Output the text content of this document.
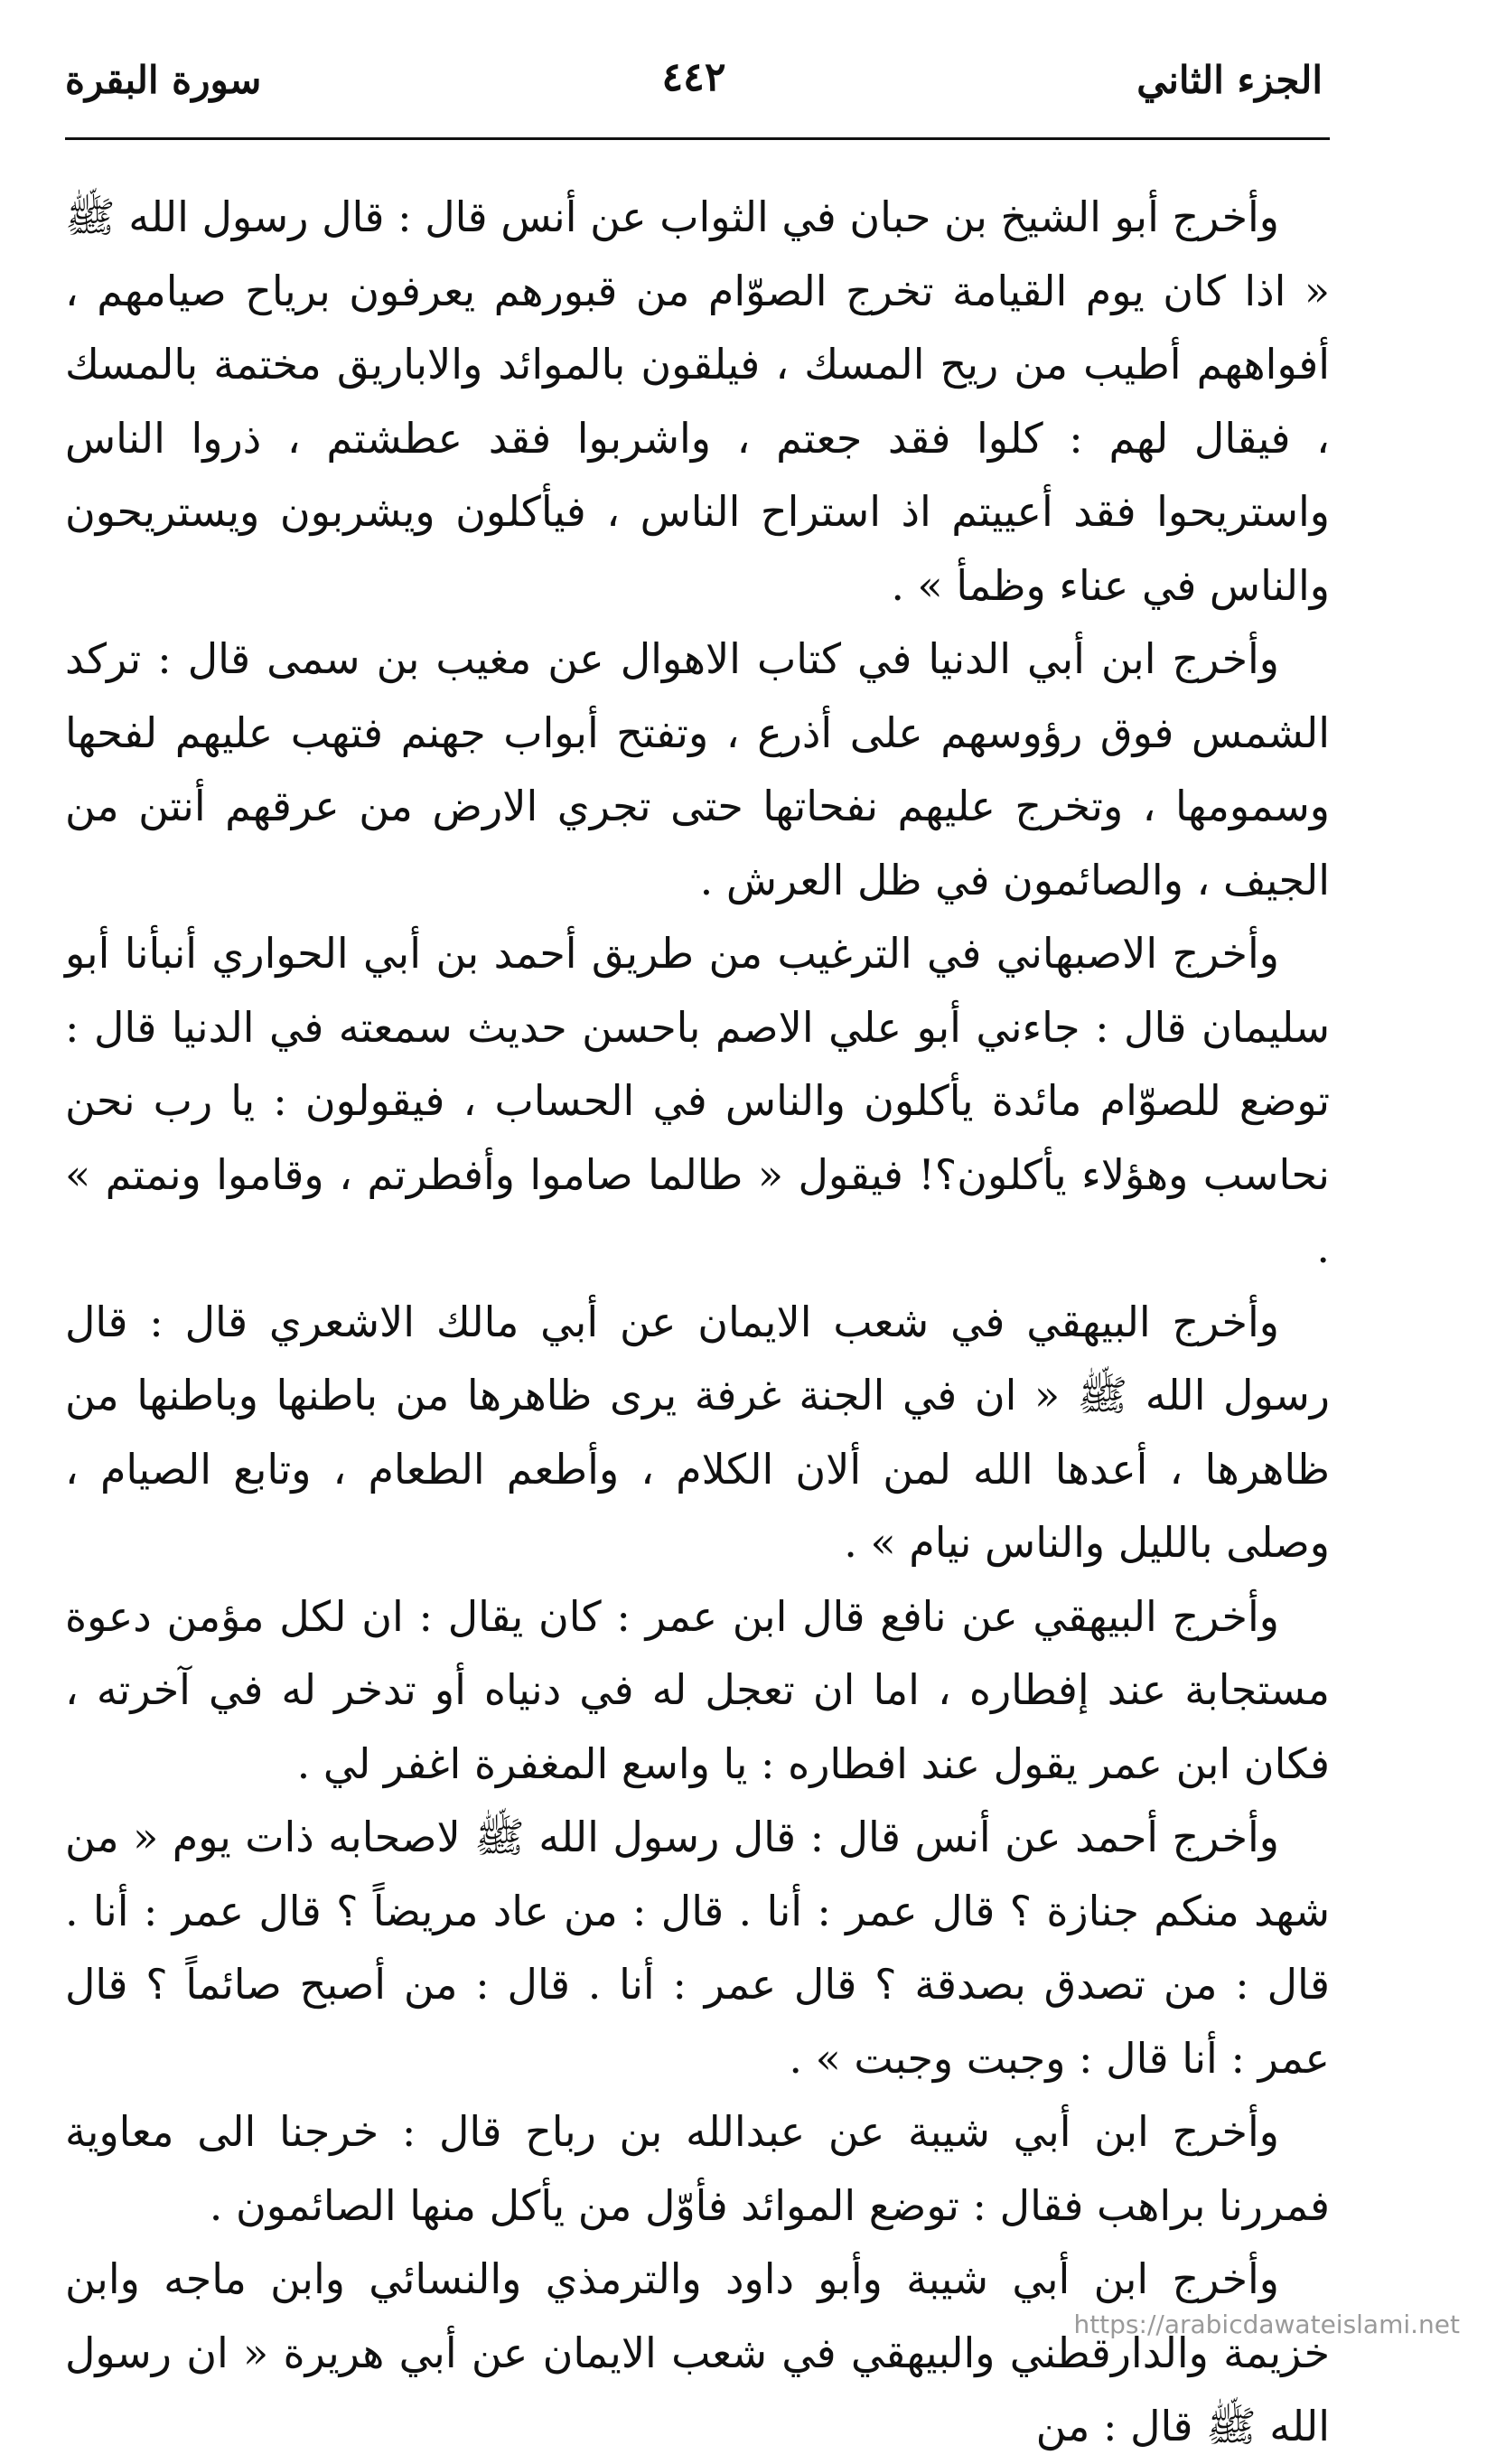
الجزء الثاني
٤٤٢
سورة البقرة

وأخرج أبو الشيخ بن حبان في الثواب عن أنس قال : قال رسول الله ﷺ « اذا كان يوم القيامة تخرج الصوّام من قبورهم يعرفون برياح صيامهم ، أفواههم أطيب من ريح المسك ، فيلقون بالموائد والاباريق مختمة بالمسك ، فيقال لهم : كلوا فقد جعتم ، واشربوا فقد عطشتم ، ذروا الناس واستريحوا فقد أعييتم اذ استراح الناس ، فيأكلون ويشربون ويستريحون والناس في عناء وظمأ » .

وأخرج ابن أبي الدنيا في كتاب الاهوال عن مغيب بن سمى قال : تركد الشمس فوق رؤوسهم على أذرع ، وتفتح أبواب جهنم فتهب عليهم لفحها وسمومها ، وتخرج عليهم نفحاتها حتى تجري الارض من عرقهم أنتن من الجيف ، والصائمون في ظل العرش .

وأخرج الاصبهاني في الترغيب من طريق أحمد بن أبي الحواري أنبأنا أبو سليمان قال : جاءني أبو علي الاصم باحسن حديث سمعته في الدنيا قال : توضع للصوّام مائدة يأكلون والناس في الحساب ، فيقولون : يا رب نحن نحاسب وهؤلاء يأكلون؟! فيقول « طالما صاموا وأفطرتم ، وقاموا ونمتم » .

وأخرج البيهقي في شعب الايمان عن أبي مالك الاشعري قال : قال رسول الله ﷺ « ان في الجنة غرفة يرى ظاهرها من باطنها وباطنها من ظاهرها ، أعدها الله لمن ألان الكلام ، وأطعم الطعام ، وتابع الصيام ، وصلى بالليل والناس نيام » .

وأخرج البيهقي عن نافع قال ابن عمر : كان يقال : ان لكل مؤمن دعوة مستجابة عند إفطاره ، اما ان تعجل له في دنياه أو تدخر له في آخرته ، فكان ابن عمر يقول عند افطاره : يا واسع المغفرة اغفر لي .

وأخرج أحمد عن أنس قال : قال رسول الله ﷺ لاصحابه ذات يوم « من شهد منكم جنازة ؟ قال عمر : أنا . قال : من عاد مريضاً ؟ قال عمر : أنا . قال : من تصدق بصدقة ؟ قال عمر : أنا . قال : من أصبح صائماً ؟ قال عمر : أنا قال : وجبت وجبت » .

وأخرج ابن أبي شيبة عن عبدالله بن رباح قال : خرجنا الى معاوية فمررنا براهب فقال : توضع الموائد فأوّل من يأكل منها الصائمون .

وأخرج ابن أبي شيبة وأبو داود والترمذي والنسائي وابن ماجه وابن خزيمة والدارقطني والبيهقي في شعب الايمان عن أبي هريرة « ان رسول الله ﷺ قال : من

https://arabicdawateislami.net
